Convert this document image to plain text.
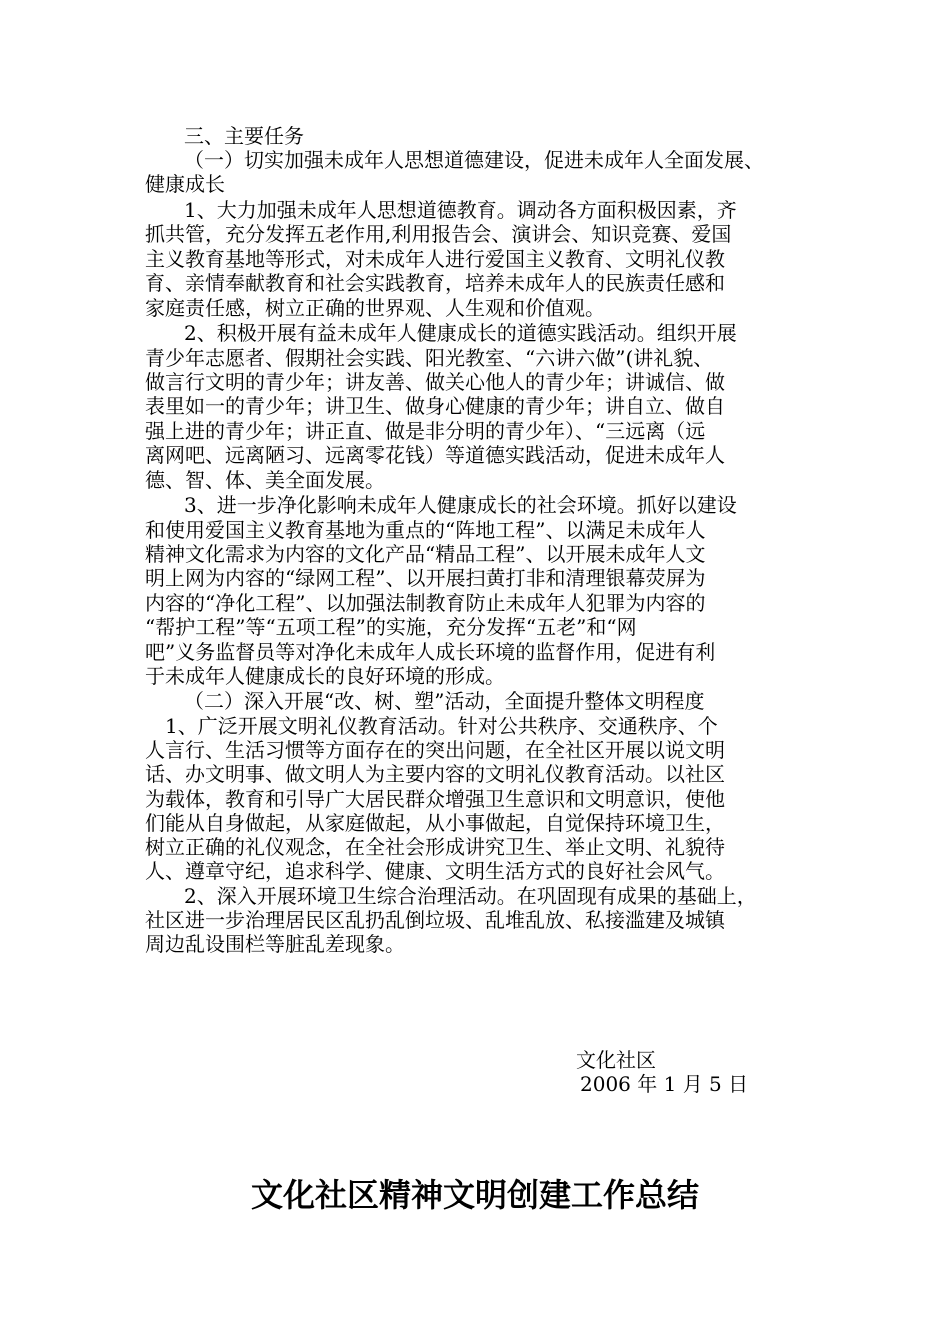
三、主要任务
（一）切实加强未成年人思想道德建设，促进未成年人全面发展、
健康成长
1、大力加强未成年人思想道德教育。调动各方面积极因素，齐
抓共管，充分发挥五老作用,利用报告会、演讲会、知识竞赛、爱国
主义教育基地等形式，对未成年人进行爱国主义教育、文明礼仪教
育、亲情奉献教育和社会实践教育，培养未成年人的民族责任感和
家庭责任感，树立正确的世界观、人生观和价值观。
2、积极开展有益未成年人健康成长的道德实践活动。组织开展
青少年志愿者、假期社会实践、阳光教室、“六讲六做”(讲礼貌、
做言行文明的青少年；讲友善、做关心他人的青少年；讲诚信、做
表里如一的青少年；讲卫生、做身心健康的青少年；讲自立、做自
强上进的青少年；讲正直、做是非分明的青少年）、“三远离（远
离网吧、远离陋习、远离零花钱）等道德实践活动，促进未成年人
德、智、体、美全面发展。
3、进一步净化影响未成年人健康成长的社会环境。抓好以建设
和使用爱国主义教育基地为重点的“阵地工程”、以满足未成年人
精神文化需求为内容的文化产品“精品工程”、以开展未成年人文
明上网为内容的“绿网工程”、以开展扫黄打非和清理银幕荧屏为
内容的“净化工程”、以加强法制教育防止未成年人犯罪为内容的
“帮护工程”等“五项工程”的实施，充分发挥“五老”和“网
吧”义务监督员等对净化未成年人成长环境的监督作用，促进有利
于未成年人健康成长的良好环境的形成。
（二）深入开展“改、树、塑”活动，全面提升整体文明程度
1、广泛开展文明礼仪教育活动。针对公共秩序、交通秩序、个
人言行、生活习惯等方面存在的突出问题，在全社区开展以说文明
话、办文明事、做文明人为主要内容的文明礼仪教育活动。以社区
为载体，教育和引导广大居民群众增强卫生意识和文明意识，使他
们能从自身做起，从家庭做起，从小事做起，自觉保持环境卫生，
树立正确的礼仪观念，在全社会形成讲究卫生、举止文明、礼貌待
人、遵章守纪，追求科学、健康、文明生活方式的良好社会风气。
2、深入开展环境卫生综合治理活动。在巩固现有成果的基础上，
社区进一步治理居民区乱扔乱倒垃圾、乱堆乱放、私接滥建及城镇
周边乱设围栏等脏乱差现象。
文化社区
2006 年 1 月 5 日
文化社区精神文明创建工作总结
